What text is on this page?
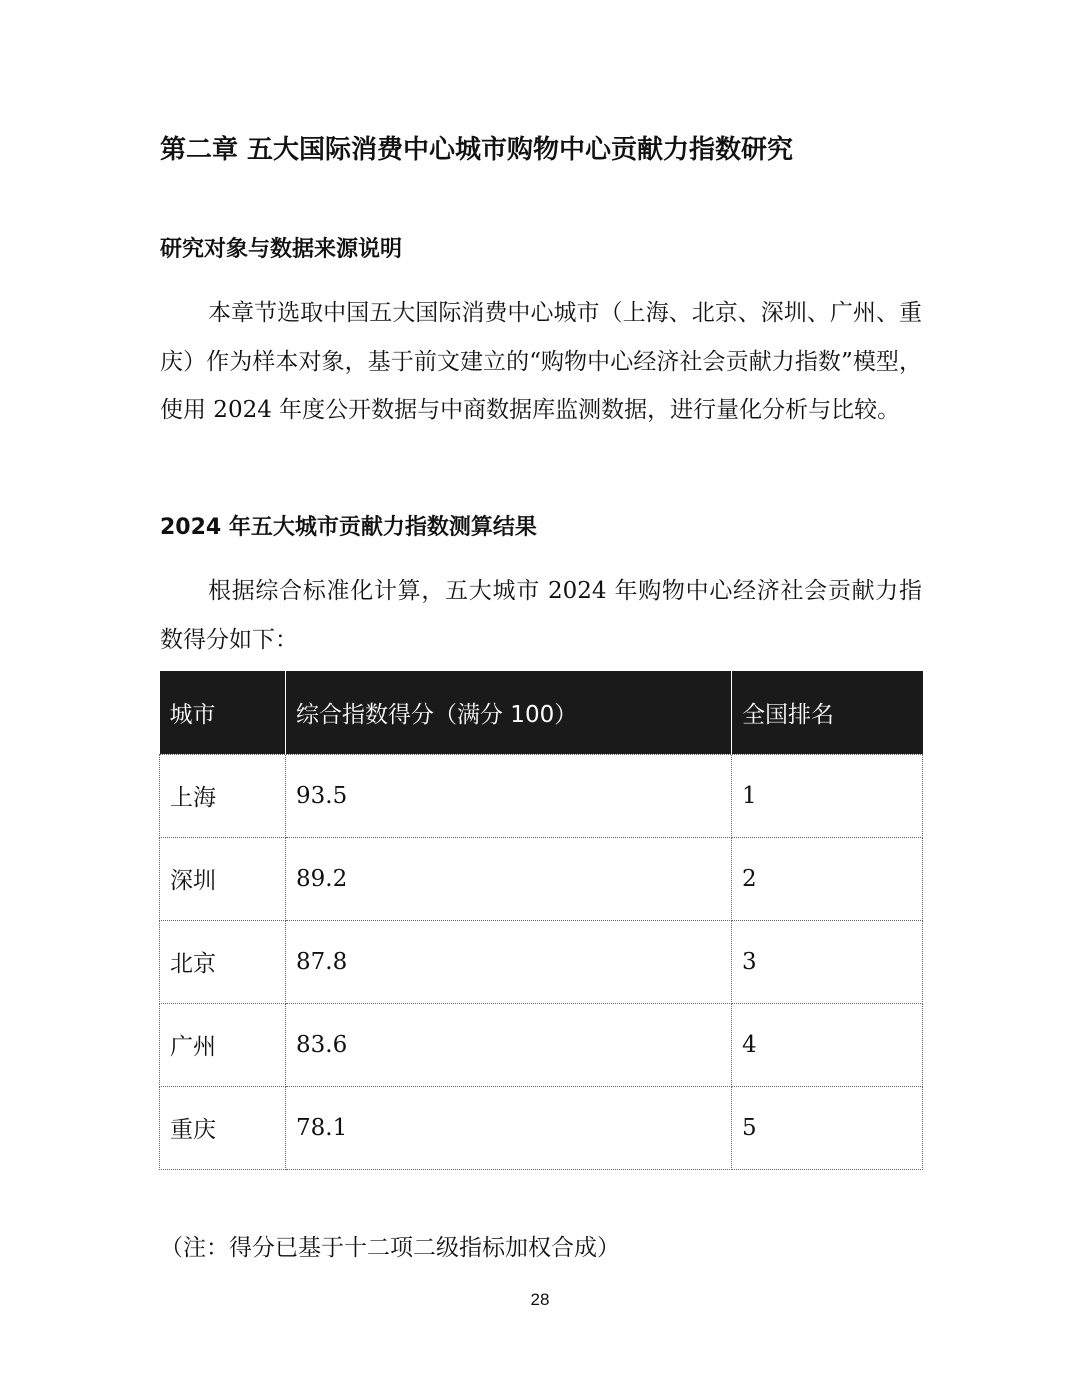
第二章 五大国际消费中心城市购物中心贡献力指数研究
研究对象与数据来源说明

本章节选取中国五大国际消费中心城市（上海、北京、深圳、广州、重庆）作为样本对象，基于前文建立的“购物中心经济社会贡献力指数”模型，使用 2024 年度公开数据与中商数据库监测数据，进行量化分析与比较。

2024 年五大城市贡献力指数测算结果

根据综合标准化计算，五大城市 2024 年购物中心经济社会贡献力指数得分如下：

城市	综合指数得分（满分 100）	全国排名
上海	93.5	1
深圳	89.2	2
北京	87.8	3
广州	83.6	4
重庆	78.1	5

（注：得分已基于十二项二级指标加权合成）

28
